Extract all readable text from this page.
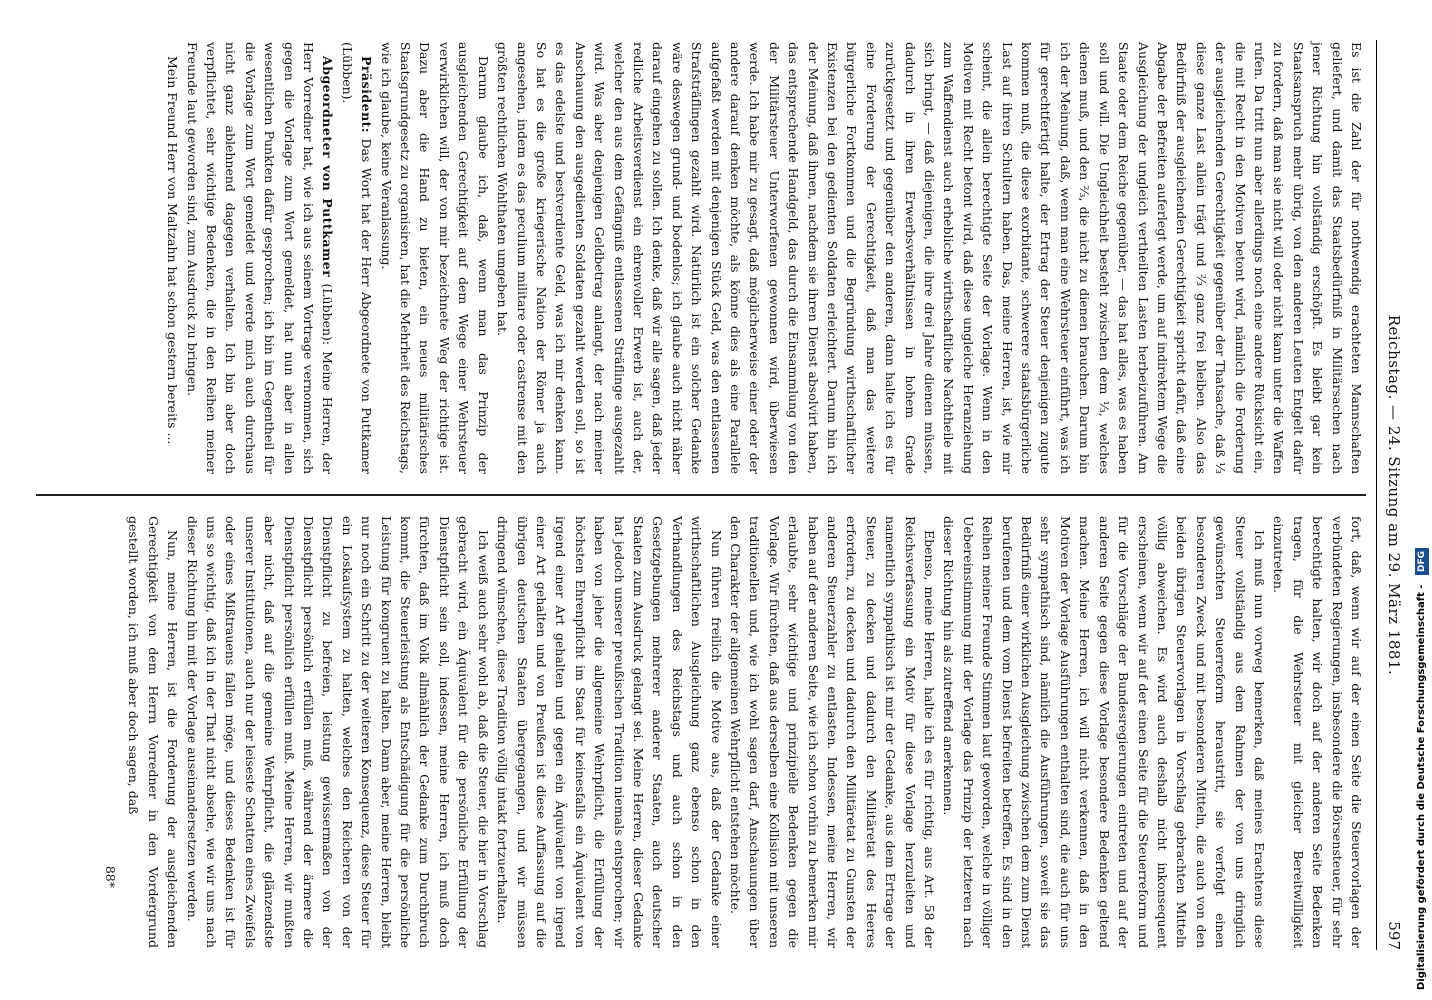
Reichstag. — 24. Sitzung am 29. März 1881.
597

Es ist die Zahl der für nothwendig erachteten Mannschaften geliefert, und damit das Staatsbedürfniß in Militärsachen nach jener Richtung hin vollständig erschöpft. Es bleibt gar kein Staatsanspruch mehr übrig, von den anderen Leuten Entgelt dafür zu fordern, daß man sie nicht will oder nicht kann unter die Waffen rufen. Da tritt nun aber allerdings noch eine andere Rücksicht ein, die mit Recht in den Motiven betont wird, nämlich die Forderung der ausgleichenden Gerechtigkeit gegenüber der Thatsache, daß ⅓ diese ganze Last allein trägt und ⅔ ganz frei bleiben. Also das Bedürfniß der ausgleichenden Gerechtigkeit spricht dafür, daß eine Abgabe der Befreiten auferlegt werde, um auf indirektem Wege die Ausgleichung der ungleich vertheilten Lasten herbeizuführen. Am Staate oder dem Reiche gegenüber, — das hat alles, was es haben soll und will. Die Ungleichheit besteht zwischen dem ⅓, welches dienen muß, und den ⅔, die nicht zu dienen brauchen. Darum bin ich der Meinung, daß, wenn man eine Wehrsteuer einführt, was ich für gerechtfertigt halte, der Ertrag der Steuer denjenigen zugute kommen muß, die diese exorbitante, schwerere staatsbürgerliche Last auf ihren Schultern haben. Das, meine Herren, ist, wie mir scheint, die allein berechtigte Seite der Vorlage. Wenn in den Motiven mit Recht betont wird, daß diese ungleiche Heranziehung zum Waffendienst auch erhebliche wirthschaftliche Nachtheile mit sich bringt, — daß diejenigen, die ihre drei Jahre dienen müssen, dadurch in ihren Erwerbsverhältnissen in hohem Grade zurückgesetzt und gegenüber den anderen, dann halte ich es für eine Forderung der Gerechtigkeit, daß man das weitere bürgerliche Fortkommen und die Begründung wirthschaftlicher Existenzen bei den gedienten Soldaten erleichtert. Darum bin ich der Meinung, daß ihnen, nachdem sie ihren Dienst absolvirt haben, das entsprechende Handgeld, das durch die Einsammlung von den der Militärsteuer Unterworfenen gewonnen wird, überwiesen werde. Ich habe mir zu gesagt, daß möglicherweise einer oder der andere darauf denken möchte, als könne dies als eine Parallele aufgefaßt werden mit denjenigen Stück Geld, was den entlassenen Strafsträflingen gezahlt wird. Natürlich ist ein solcher Gedanke wäre deswegen grund- und bodenlos; ich glaube auch nicht näher darauf eingehen zu sollen. Ich denke, daß wir alle sagen, daß jeder redliche Arbeitsverdienst ein ehrenvoller Erwerb ist, auch der, welcher den aus dem Gefängniß entlassenen Sträflinge ausgezahlt wird. Was aber denjenigen Geldbetrag anlangt, der nach meiner Anschauung den ausgedienten Soldaten gezahlt werden soll, so ist es das edelste und bestverdiente Geld, was ich mir denken kann. So hat es die große kriegerische Nation der Römer ja auch angesehen, indem es das peculium militare oder castrense mit den größten rechtlichen Wohlthaten umgeben hat.

Darum glaube ich, daß, wenn man das Prinzip der ausgleichenden Gerechtigkeit auf dem Wege einer Wehrsteuer verwirklichen will, der von mir bezeichnete Weg der richtige ist. Dazu aber die Hand zu bieten, ein neues militärisches Staatsgrundgesetz zu organisiren, hat die Mehrheit des Reichstags, wie ich glaube, keine Veranlassung.

Präsident: Das Wort hat der Herr Abgeordnete von Puttkamer (Lübben).

Abgeordneter von Puttkamer (Lübben): Meine Herren, der Herr Vorredner hat, wie ich aus seinem Vortrage vernommen, sich gegen die Vorlage zum Wort gemeldet, hat nun aber in allen wesentlichen Punkten dafür gesprochen; ich bin im Gegentheil für die Vorlage zum Wort gemeldet und werde mich auch durchaus nicht ganz ablehnend dagegen verhalten. Ich bin aber doch verpflichtet, sehr wichtige Bedenken, die in den Reihen meiner Freunde laut geworden sind, zum Ausdruck zu bringen.

Mein Freund Herr von Maltzahn hat schon gestern bereits ...

fort, daß, wenn wir auf der einen Seite die Steuervorlagen der verbündeten Regierungen, insbesondere die Börsensteuer, für sehr berechtigte halten, wir doch auf der anderen Seite Bedenken tragen, für die Wehrsteuer mit gleicher Bereitwilligkeit einzutreten.

Ich muß nun vorweg bemerken, daß meines Erachtens diese Steuer vollständig aus dem Rahmen der von uns dringlich gewünschten Steuerreform heraustritt, sie verfolgt einen besonderen Zweck und mit besonderen Mitteln, die auch von den beiden übrigen Steuervorlagen in Vorschlag gebrachten Mitteln völlig abweichen. Es wird auch deshalb nicht inkonsequent erscheinen, wenn wir auf der einen Seite für die Steuerreform und für die Vorschläge der Bundesregierungen eintreten und auf der anderen Seite gegen diese Vorlage besondere Bedenken geltend machen. Meine Herren, ich will nicht verkennen, daß in den Motiven der Vorlage Ausführungen enthalten sind, die auch für uns sehr sympathisch sind, nämlich die Ausführungen, soweit sie das Bedürfniß einer wirklichen Ausgleichung zwischen dem zum Dienst berufenen und dem vom Dienst befreiten betreffen. Es sind in den Reihen meiner Freunde Stimmen laut geworden, welche in völliger Uebereinstimmung mit der Vorlage das Prinzip der letzteren nach dieser Richtung hin als zutreffend anerkennen.

Ebenso, meine Herren, halte ich es für richtig, aus Art. 58 der Reichsverfassung ein Motiv für diese Vorlage herzuleiten und namentlich sympathisch ist mir der Gedanke, aus dem Ertrage der Steuer, zu decken und dadurch den Militäretat des Heeres erfordern, zu decken und dadurch den Militäretat zu Gunsten der anderen Steuerzahler zu entlasten. Indessen, meine Herren, wir haben auf der anderen Seite, wie ich schon vorhin zu bemerken mir erlaubte, sehr wichtige und prinzipielle Bedenken gegen die Vorlage. Wir fürchten, daß aus derselben eine Kollision mit unseren traditionellen und, wie ich wohl sagen darf, Anschauungen über den Charakter der allgemeinen Wehrpflicht entstehen möchte.

Nun führen freilich die Motive aus, daß der Gedanke einer wirthschaftlichen Ausgleichung ganz ebenso schon in den Verhandlungen des Reichstags und auch schon in den Gesetzgebungen mehrerer anderer Staaten, auch deutscher Staaten zum Ausdruck gelangt sei. Meine Herren, dieser Gedanke hat jedoch unserer preußischen Tradition niemals entsprochen; wir haben von jeher die allgemeine Wehrpflicht, die Erfüllung der höchsten Ehrenpflicht im Staat für keinesfalls ein Äquivalent von irgend einer Art gehalten und gegen ein Äquivalent von irgend einer Art gehalten und von Preußen ist diese Auffassung auf die übrigen deutschen Staaten übergegangen, und wir müssen dringend wünschen, diese Tradition völlig intakt fortzuerhalten.

Ich weiß auch sehr wohl ab, daß die Steuer, die hier in Vorschlag gebracht wird, ein Äquivalent für die persönliche Erfüllung der Dienstpflicht sein soll, indessen, meine Herren, ich muß doch fürchten, daß im Volk allmählich der Gedanke zum Durchbruch kommt, die Steuerleistung als Entschädigung für die persönliche Leistung für kongruent zu halten. Dann aber, meine Herren, bleibt nur noch ein Schritt zu der weiteren Konsequenz, diese Steuer für ein Loskaufsystem zu halten, welches den Reicheren von der Dienstpflicht zu befreien, leistung gewissermaßen von der Dienstpflicht persönlich erfüllen muß, während der ärmere die Dienstpflicht persönlich erfüllen muß. Meine Herren, wir mußten aber nicht, daß auf die gemeine Wehrpflicht, die glänzendste unserer Institutionen, auch nur der leiseste Schatten eines Zweifels oder eines Mißtrauens fallen möge, und dieses Bedenken ist für uns so wichtig, daß ich in der That nicht absehe, wie wir uns nach dieser Richtung hin mit der Vorlage auseinandersetzen werden.

Nun, meine Herren, ist die Forderung der ausgleichenden Gerechtigkeit von dem Herrn Vorredner in den Vordergrund gestellt worden, ich muß aber doch sagen, daß

88*	Digitalisierung gefördert durch die Deutsche Forschungsgemeinschaft - DFG
